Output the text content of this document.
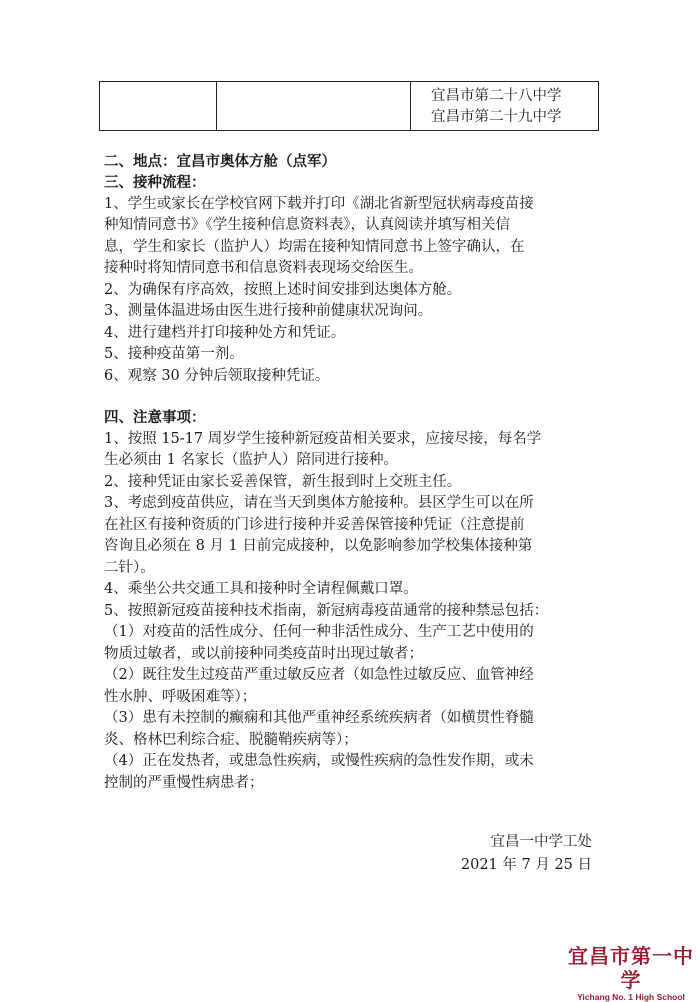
宜昌市第二十八中学
宜昌市第二十九中学
二、地点：宜昌市奥体方舱（点军）
三、接种流程：
1、学生或家长在学校官网下载并打印《湖北省新型冠状病毒疫苗接
种知情同意书》《学生接种信息资料表》，认真阅读并填写相关信
息，学生和家长（监护人）均需在接种知情同意书上签字确认，在
接种时将知情同意书和信息资料表现场交给医生。
2、为确保有序高效，按照上述时间安排到达奥体方舱。
3、测量体温进场由医生进行接种前健康状况询问。
4、进行建档并打印接种处方和凭证。
5、接种疫苗第一剂。
6、观察 30 分钟后领取接种凭证。
四、注意事项：
1、按照 15-17 周岁学生接种新冠疫苗相关要求，应接尽接，每名学
生必须由 1 名家长（监护人）陪同进行接种。
2、接种凭证由家长妥善保管，新生报到时上交班主任。
3、考虑到疫苗供应，请在当天到奥体方舱接种。县区学生可以在所
在社区有接种资质的门诊进行接种并妥善保管接种凭证（注意提前
咨询且必须在 8 月 1 日前完成接种，以免影响参加学校集体接种第
二针）。
4、乘坐公共交通工具和接种时全请程佩戴口罩。
5、按照新冠疫苗接种技术指南，新冠病毒疫苗通常的接种禁忌包括：
（1）对疫苗的活性成分、任何一种非活性成分、生产工艺中使用的
物质过敏者，或以前接种同类疫苗时出现过敏者；
（2）既往发生过疫苗严重过敏反应者（如急性过敏反应、血管神经
性水肿、呼吸困难等）；
（3）患有未控制的癫痫和其他严重神经系统疾病者（如横贯性脊髓
炎、格林巴利综合症、脱髓鞘疾病等）；
（4）正在发热者，或患急性疾病，或慢性疾病的急性发作期，或未
控制的严重慢性病患者；
宜昌一中学工处
2021 年 7 月 25 日
宜昌市第一中学
Yichang No. 1 High School
